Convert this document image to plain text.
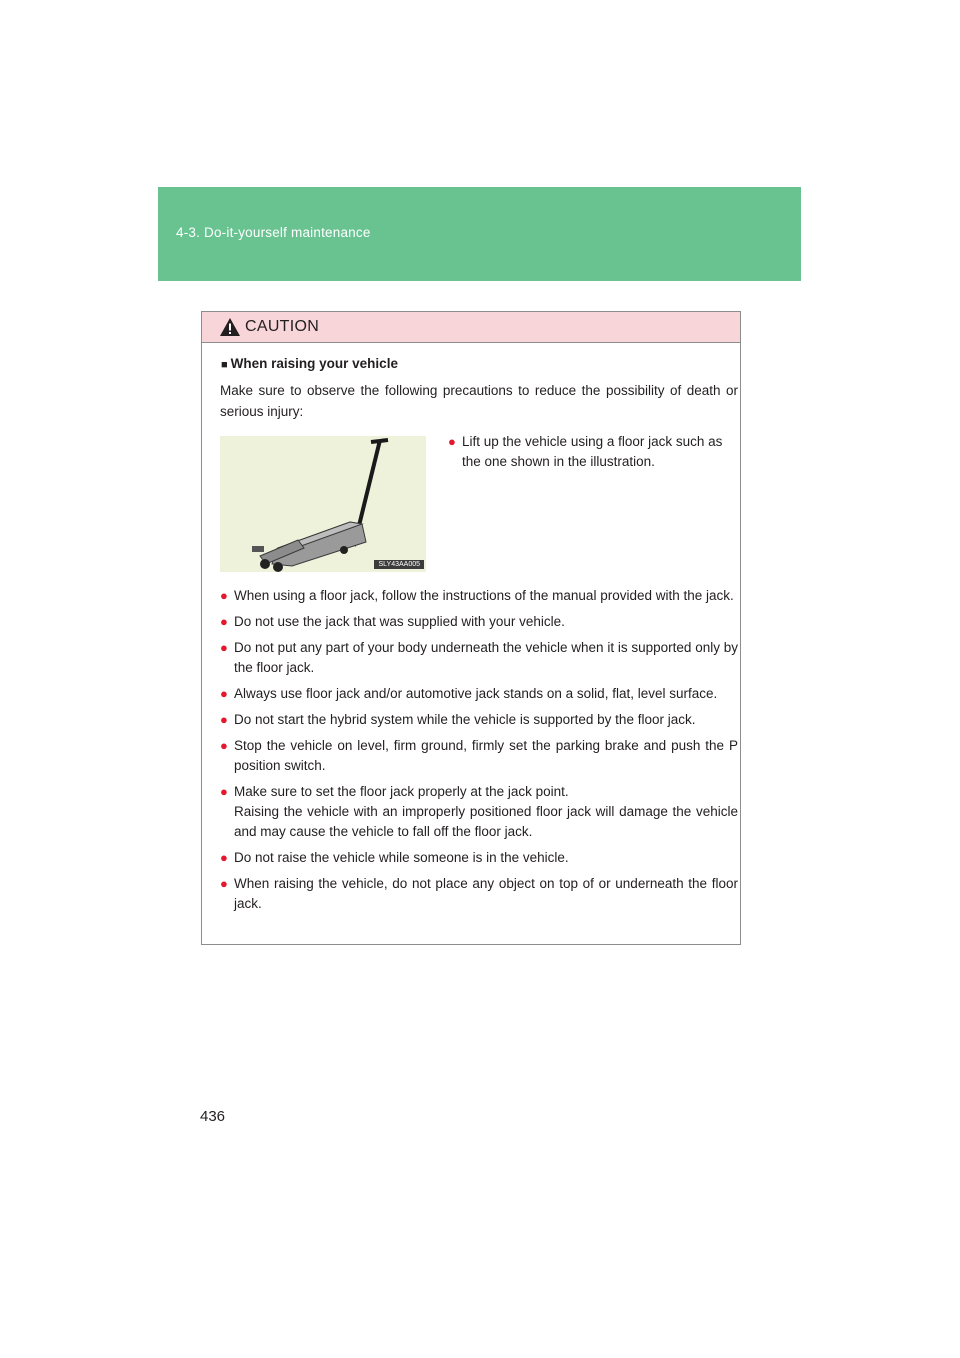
4-3. Do-it-yourself maintenance
CAUTION
■ When raising your vehicle
Make sure to observe the following precautions to reduce the possibility of death or serious injury:
SLY43AA005
● Lift up the vehicle using a floor jack such as the one shown in the illustration.
● When using a floor jack, follow the instructions of the manual provided with the jack.
● Do not use the jack that was supplied with your vehicle.
● Do not put any part of your body underneath the vehicle when it is supported only by the floor jack.
● Always use floor jack and/or automotive jack stands on a solid, flat, level surface.
● Do not start the hybrid system while the vehicle is supported by the floor jack.
● Stop the vehicle on level, firm ground, firmly set the parking brake and push the P position switch.
● Make sure to set the floor jack properly at the jack point.
Raising the vehicle with an improperly positioned floor jack will damage the vehicle and may cause the vehicle to fall off the floor jack.
● Do not raise the vehicle while someone is in the vehicle.
● When raising the vehicle, do not place any object on top of or underneath the floor jack.
436
